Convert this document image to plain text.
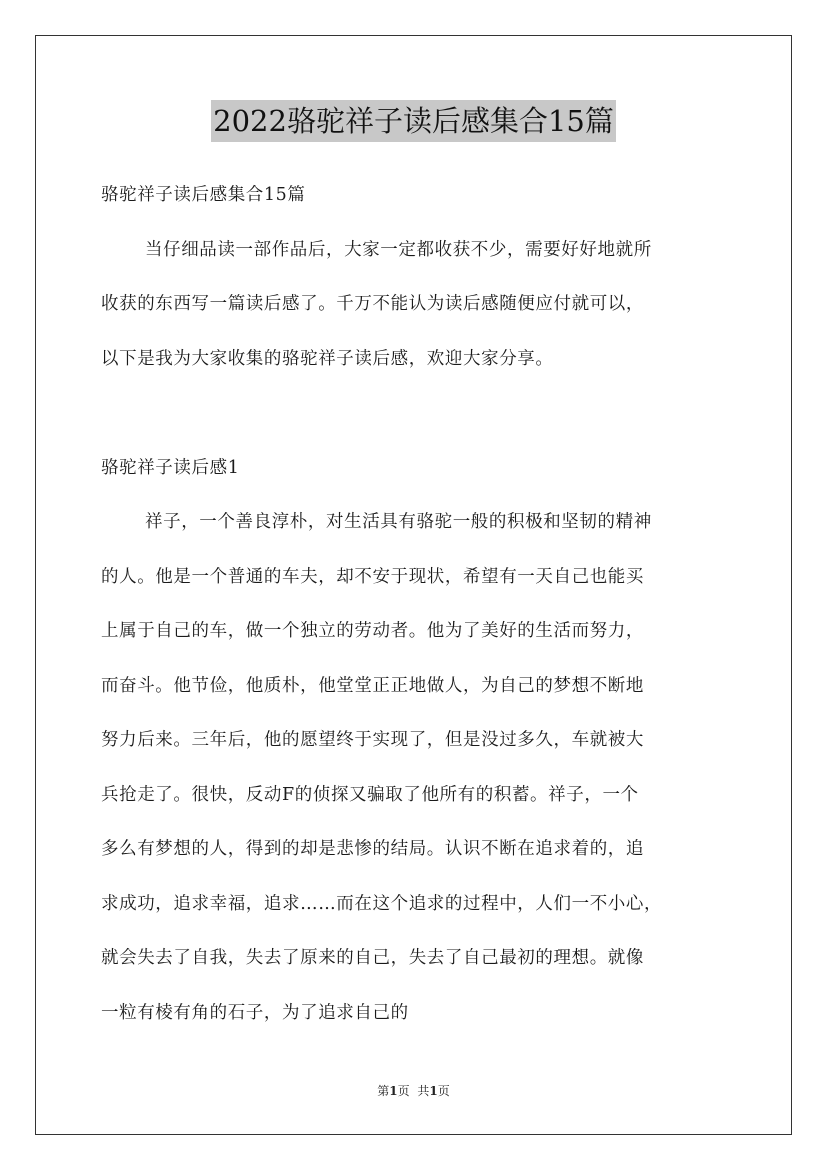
2022骆驼祥子读后感集合15篇
骆驼祥子读后感集合15篇
当仔细品读一部作品后，大家一定都收获不少，需要好好地就所
收获的东西写一篇读后感了。千万不能认为读后感随便应付就可以，
以下是我为大家收集的骆驼祥子读后感，欢迎大家分享。
骆驼祥子读后感1
祥子，一个善良淳朴，对生活具有骆驼一般的积极和坚韧的精神
的人。他是一个普通的车夫，却不安于现状，希望有一天自己也能买
上属于自己的车，做一个独立的劳动者。他为了美好的生活而努力，
而奋斗。他节俭，他质朴，他堂堂正正地做人，为自己的梦想不断地
努力后来。三年后，他的愿望终于实现了，但是没过多久，车就被大
兵抢走了。很快，反动F的侦探又骗取了他所有的积蓄。祥子，一个
多么有梦想的人，得到的却是悲惨的结局。认识不断在追求着的，追
求成功，追求幸福，追求……而在这个追求的过程中，人们一不小心，
就会失去了自我，失去了原来的自己，失去了自己最初的理想。就像
一粒有棱有角的石子，为了追求自己的
第1页 共1页
